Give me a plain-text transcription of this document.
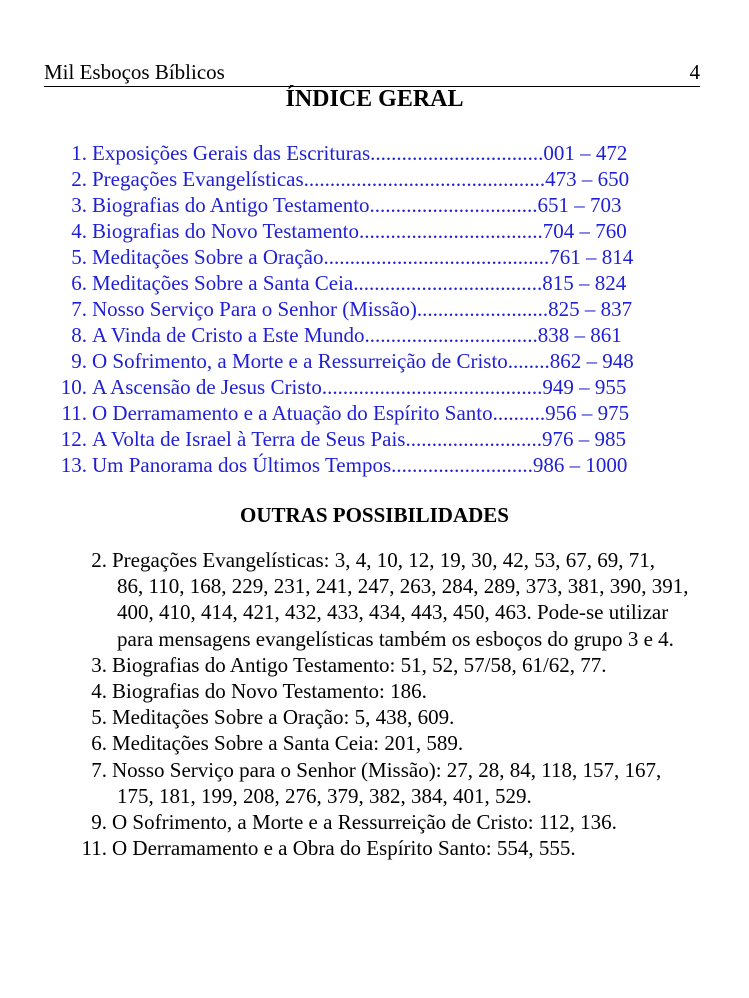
Mil Esboços Bíblicos	4
ÍNDICE GERAL
1. Exposições Gerais das Escrituras.................................001 – 472
2. Pregações Evangelísticas..............................................473 – 650
3. Biografias do Antigo Testamento................................651 – 703
4. Biografias do Novo Testamento...................................704 – 760
5. Meditações Sobre a Oração...........................................761 – 814
6. Meditações Sobre a Santa Ceia....................................815 – 824
7. Nosso Serviço Para o Senhor (Missão).........................825 – 837
8. A Vinda de Cristo a Este Mundo.................................838 – 861
9. O Sofrimento, a Morte e a Ressurreição de Cristo........862 – 948
10. A Ascensão de Jesus Cristo..........................................949 – 955
11. O Derramamento e a Atuação do Espírito Santo..........956 – 975
12. A Volta de Israel à Terra de Seus Pais..........................976 – 985
13. Um Panorama dos Últimos Tempos...........................986 – 1000
OUTRAS POSSIBILIDADES
2. Pregações Evangelísticas: 3, 4, 10, 12, 19, 30, 42, 53, 67, 69, 71,
86, 110, 168, 229, 231, 241, 247, 263, 284, 289, 373, 381, 390, 391,
400, 410, 414, 421, 432, 433, 434, 443, 450, 463. Pode-se utilizar
para mensagens evangelísticas também os esboços do grupo 3 e 4.
3. Biografias do Antigo Testamento: 51, 52, 57/58, 61/62, 77.
4. Biografias do Novo Testamento: 186.
5. Meditações Sobre a Oração: 5, 438, 609.
6. Meditações Sobre a Santa Ceia: 201, 589.
7. Nosso Serviço para o Senhor (Missão): 27, 28, 84, 118, 157, 167,
175, 181, 199, 208, 276, 379, 382, 384, 401, 529.
9. O Sofrimento, a Morte e a Ressurreição de Cristo: 112, 136.
11. O Derramamento e a Obra do Espírito Santo: 554, 555.
